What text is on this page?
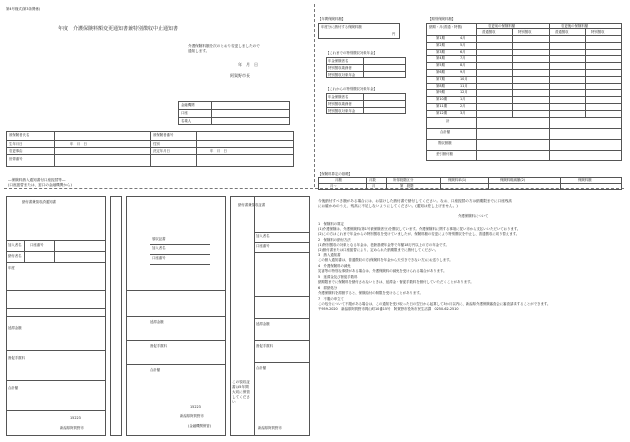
第4号様式(第3条関係)
年度　介護保険料額変更通知書兼特別徴収中止通知書
介護保険料額を次のとおり変更しましたので
通知します。
年　月　日
阿賀野市長
金融機関
口座
名義人
被保険者氏名	被保険者番号
生年月日	年　月　日	性別
変更事由	決定年月日	年　月　日
世帯番号
―保険料納入通知書付口座振替等―
(口座振替または、窓口の金融機関から)
【年間保険料額】
年度分に納付する保険料額
円
【これまでの特別徴収対象年金】
年金保険者名
特別徴収義務者
特別徴収対象年金
【これからの特別徴収対象年金】
年金保険者名
特別徴収義務者
特別徴収対象年金
【期別保険料額】
納期・月(普通・特徴)	変更前の保険料額	変更後の保険料額
普通徴収	特別徴収	普通徴収	特別徴収
第1期	4月
第2期	5月
第3期	6月
第4期	7月
第5期	8月
第6期	9月
第7期	10月
第8期	11月
第9期	12月
第10期	1月
第11期	2月
第12期	3月
計
合計額
既収納額
差引納付額
【保険料算定の基礎】
月額	月数	所得段階区分	保険料率(1)	保険料軽減額(2)	保険料額
月〜	月	第　段階
今後納付すべき額がある場合には、お届けした納付書で納付してください。なお、口座振替の方は納期限までに口座残高
にお確かめのうえ、残高に不足しないようにしてください。(通知は差し上げません。)
納付書兼領収済通知書
加入者名 口座番号
納付者名
年度
延滞金額
督促手数料
合計額
15223
新潟県阿賀野市
領収証書
加入者名
口座番号
延滞金額
督促手数料
合計額
(金融機関保管)
15223
新潟県阿賀野市
納付書兼領収証書
加入者名
口座番号
延滞金額
督促手数料
合計額
この領収証書は5年間大切に保管してください
新潟県阿賀野市
介護保険料について
1　保険料の算定
(1)介護保険は、介護保険料(第1号被保険者分)を徴収しています。介護保険料に関する事項に従い市から支払いいただいております。
(2)この方はこれまで年金からの特別徴収を受けていましたが、保険料額の変更により特別徴収を中止し、普通徴収に切り替えます。
2　保険料の納付方法
(1)特別徴収の対象となる年金は、老齢基礎年金等で年額18万円以上の方の年金です。
(2)納付書または口座振替により、定められた納期限までに納付してください。
3　納入通知書
この納入通知書は、普通徴収の方(保険料を年金から天引きできない方)にお送りします。
4　介護保険料の減免
災害等の特別な事情がある場合は、介護保険料の減免を受けられる場合があります。
5　延滞金及び督促手数料
納期限までに保険料を納付されないときは、延滞金・督促手数料を納付していただくことがあります。
6　滞納処分
介護保険料を滞納すると、保険給付の制限を受けることがあります。
7　不服の申立て
この処分について不服がある場合は、この通知を受け取った日の翌日から起算して3か月以内に、新潟県介護保険審査会に審査請求することができます。
〒959-2020　新潟県阿賀野市岡山町10番15号　阿賀野市役所市民生活課　0250-62-2510
